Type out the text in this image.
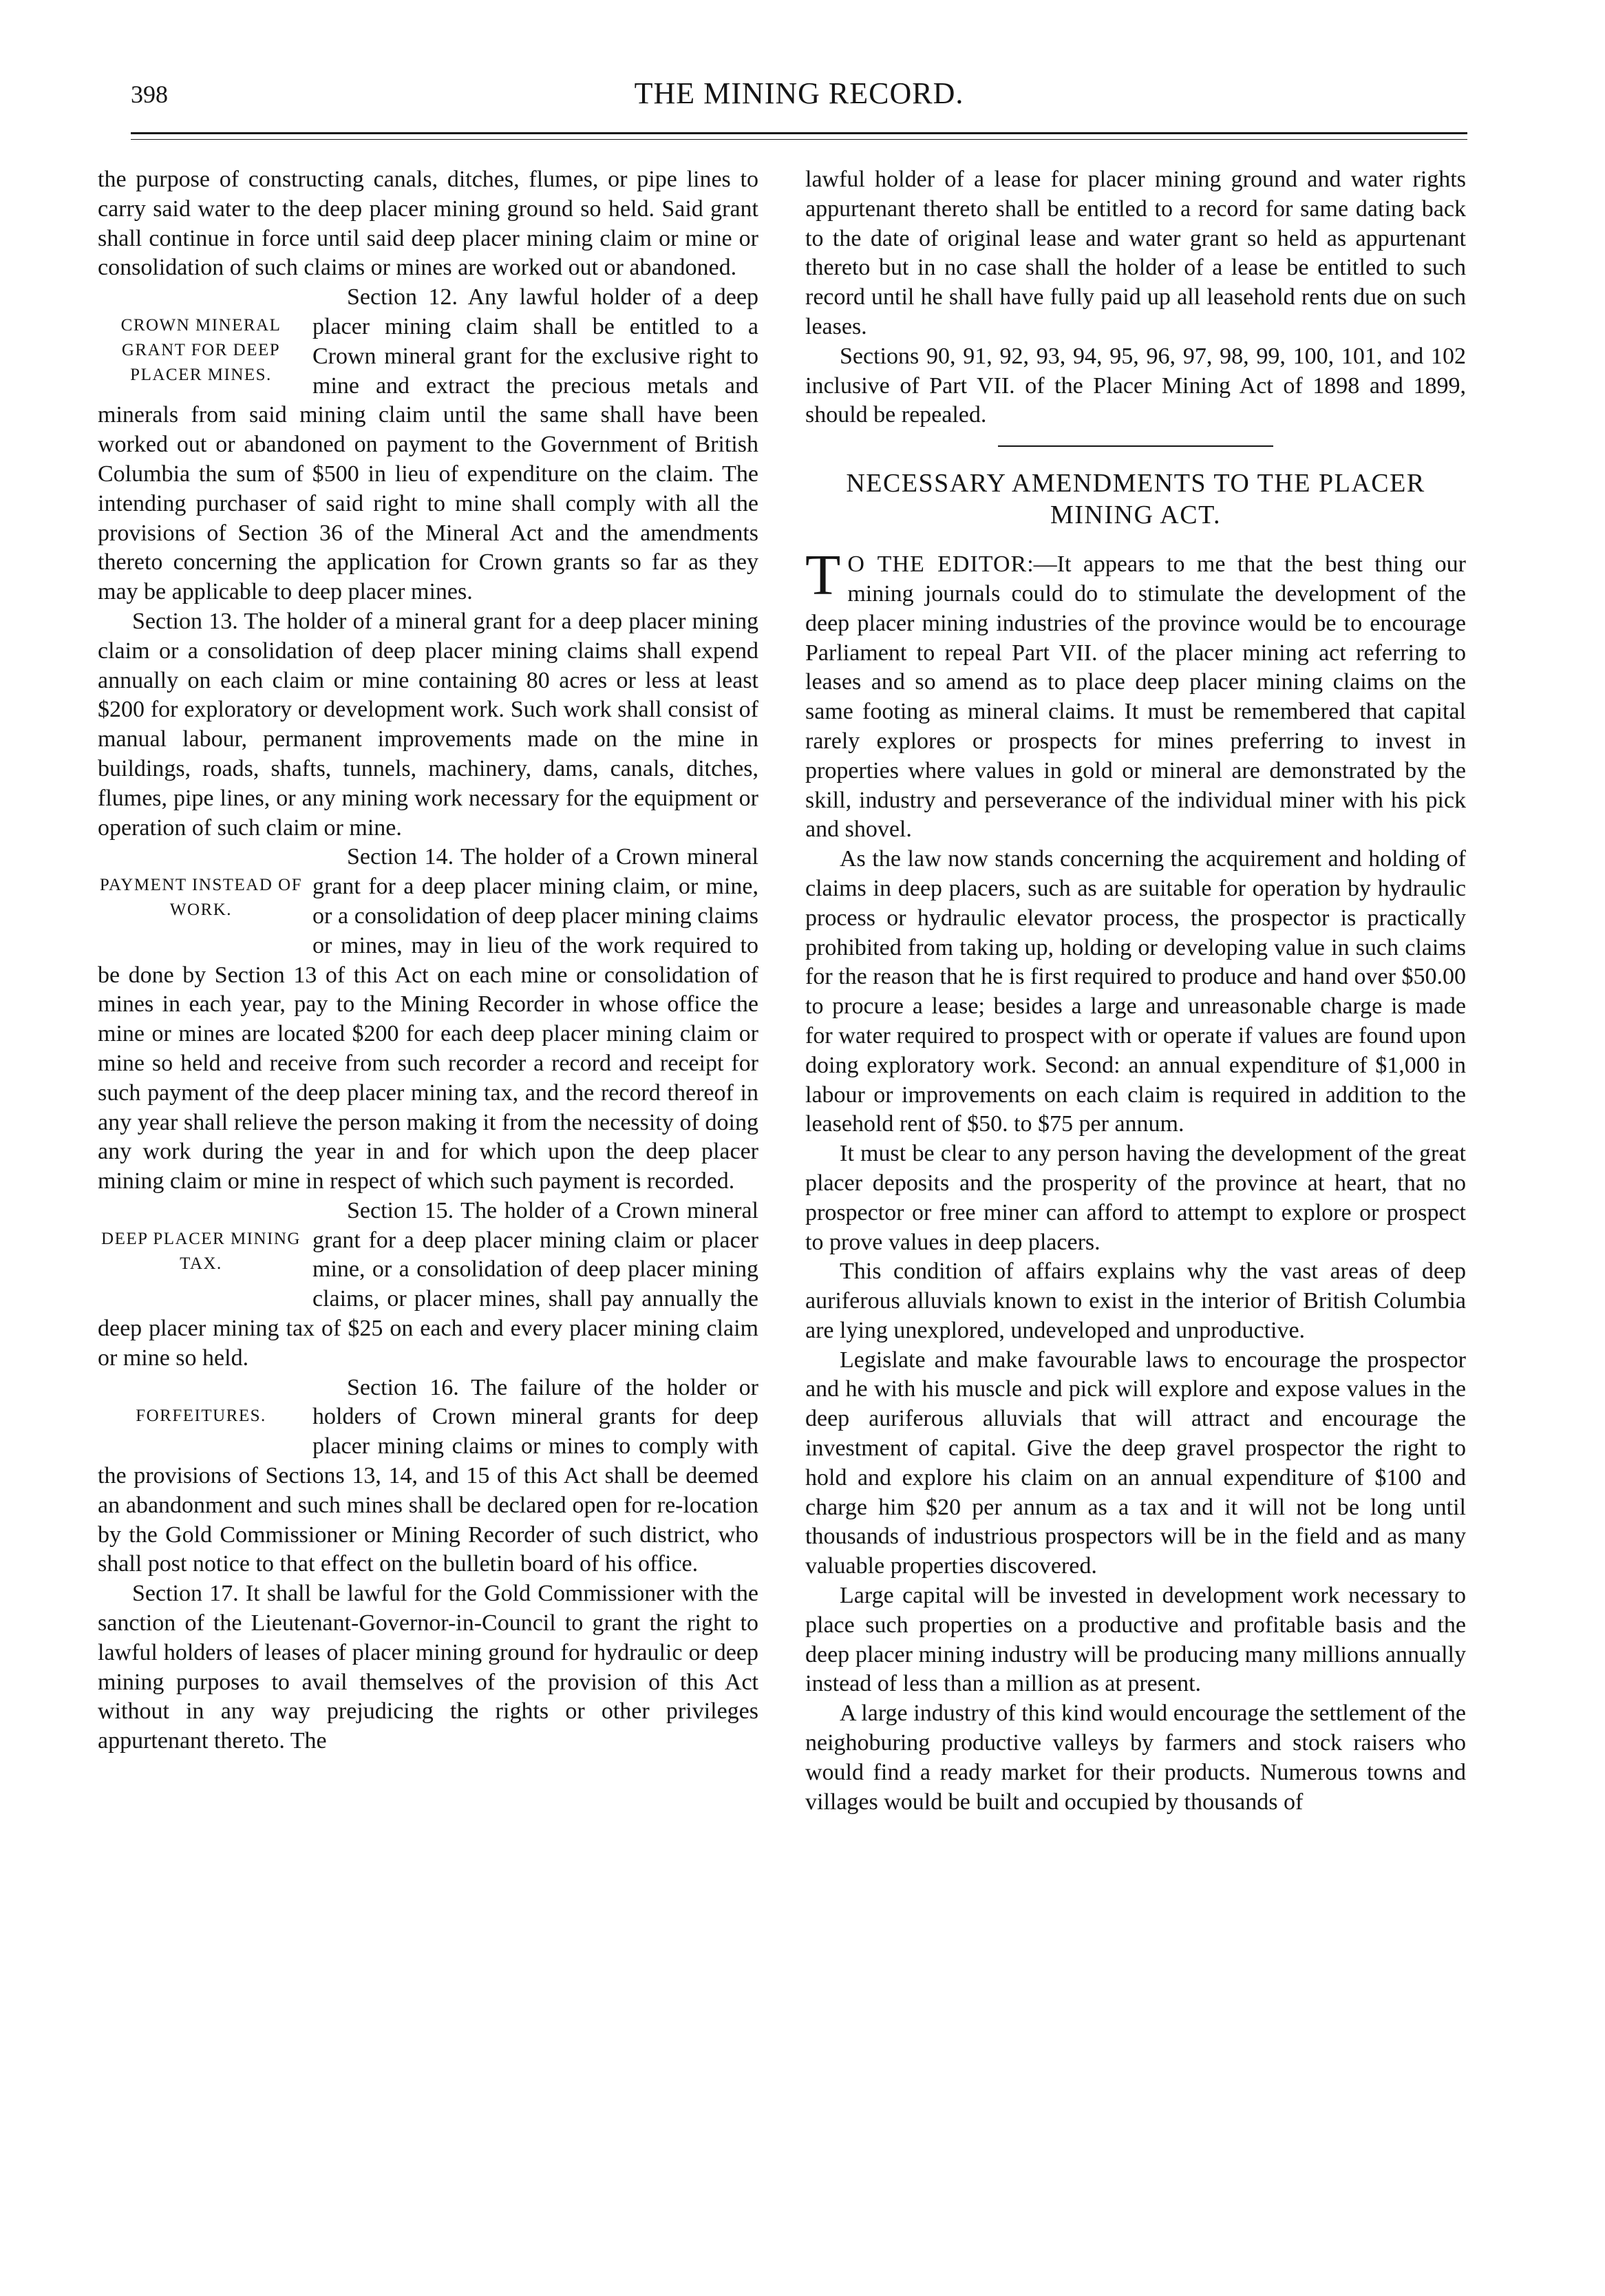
398	THE MINING RECORD.

the purpose of constructing canals, ditches, flumes, or pipe lines to carry said water to the deep placer mining ground so held. Said grant shall continue in force until said deep placer mining claim or mine or consolidation of such claims or mines are worked out or abandoned.

CROWN MINERAL GRANT FOR DEEP PLACER MINES.

Section 12. Any lawful holder of a deep placer mining claim shall be entitled to a Crown mineral grant for the exclusive right to mine and extract the precious metals and minerals from said mining claim until the same shall have been worked out or abandoned on payment to the Government of British Columbia the sum of $500 in lieu of expenditure on the claim. The intending purchaser of said right to mine shall comply with all the provisions of Section 36 of the Mineral Act and the amendments thereto concerning the application for Crown grants so far as they may be applicable to deep placer mines.

Section 13. The holder of a mineral grant for a deep placer mining claim or a consolidation of deep placer mining claims shall expend annually on each claim or mine containing 80 acres or less at least $200 for exploratory or development work. Such work shall consist of manual labour, permanent improvements made on the mine in buildings, roads, shafts, tunnels, machinery, dams, canals, ditches, flumes, pipe lines, or any mining work necessary for the equipment or operation of such claim or mine.

PAYMENT INSTEAD OF WORK.

Section 14. The holder of a Crown mineral grant for a deep placer mining claim, or mine, or a consolidation of deep placer mining claims or mines, may in lieu of the work required to be done by Section 13 of this Act on each mine or consolidation of mines in each year, pay to the Mining Recorder in whose office the mine or mines are located $200 for each deep placer mining claim or mine so held and receive from such recorder a record and receipt for such payment of the deep placer mining tax, and the record thereof in any year shall relieve the person making it from the necessity of doing any work during the year in and for which upon the deep placer mining claim or mine in respect of which such payment is recorded.

DEEP PLACER MINING TAX.

Section 15. The holder of a Crown mineral grant for a deep placer mining claim or placer mine, or a consolidation of deep placer mining claims, or placer mines, shall pay annually the deep placer mining tax of $25 on each and every placer mining claim or mine so held.

FORFEITURES.

Section 16. The failure of the holder or holders of Crown mineral grants for deep placer mining claims or mines to comply with the provisions of Sections 13, 14, and 15 of this Act shall be deemed an abandonment and such mines shall be declared open for re-location by the Gold Commissioner or Mining Recorder of such district, who shall post notice to that effect on the bulletin board of his office.

Section 17. It shall be lawful for the Gold Commissioner with the sanction of the Lieutenant-Governor-in-Council to grant the right to lawful holders of leases of placer mining ground for hydraulic or deep mining purposes to avail themselves of the provision of this Act without in any way prejudicing the rights or other privileges appurtenant thereto. The

lawful holder of a lease for placer mining ground and water rights appurtenant thereto shall be entitled to a record for same dating back to the date of original lease and water grant so held as appurtenant thereto but in no case shall the holder of a lease be entitled to such record until he shall have fully paid up all leasehold rents due on such leases.

Sections 90, 91, 92, 93, 94, 95, 96, 97, 98, 99, 100, 101, and 102 inclusive of Part VII. of the Placer Mining Act of 1898 and 1899, should be repealed.

NECESSARY AMENDMENTS TO THE PLACER MINING ACT.

T O THE EDITOR:—It appears to me that the best thing our mining journals could do to stimulate the development of the deep placer mining industries of the province would be to encourage Parliament to repeal Part VII. of the placer mining act referring to leases and so amend as to place deep placer mining claims on the same footing as mineral claims. It must be remembered that capital rarely explores or prospects for mines preferring to invest in properties where values in gold or mineral are demonstrated by the skill, industry and perseverance of the individual miner with his pick and shovel.

As the law now stands concerning the acquirement and holding of claims in deep placers, such as are suitable for operation by hydraulic process or hydraulic elevator process, the prospector is practically prohibited from taking up, holding or developing value in such claims for the reason that he is first required to produce and hand over $50.00 to procure a lease; besides a large and unreasonable charge is made for water required to prospect with or operate if values are found upon doing exploratory work. Second: an annual expenditure of $1,000 in labour or improvements on each claim is required in addition to the leasehold rent of $50. to $75 per annum.

It must be clear to any person having the development of the great placer deposits and the prosperity of the province at heart, that no prospector or free miner can afford to attempt to explore or prospect to prove values in deep placers.

This condition of affairs explains why the vast areas of deep auriferous alluvials known to exist in the interior of British Columbia are lying unexplored, undeveloped and unproductive.

Legislate and make favourable laws to encourage the prospector and he with his muscle and pick will explore and expose values in the deep auriferous alluvials that will attract and encourage the investment of capital. Give the deep gravel prospector the right to hold and explore his claim on an annual expenditure of $100 and charge him $20 per annum as a tax and it will not be long until thousands of industrious prospectors will be in the field and as many valuable properties discovered.

Large capital will be invested in development work necessary to place such properties on a productive and profitable basis and the deep placer mining industry will be producing many millions annually instead of less than a million as at present.

A large industry of this kind would encourage the settlement of the neighoburing productive valleys by farmers and stock raisers who would find a ready market for their products. Numerous towns and villages would be built and occupied by thousands of
